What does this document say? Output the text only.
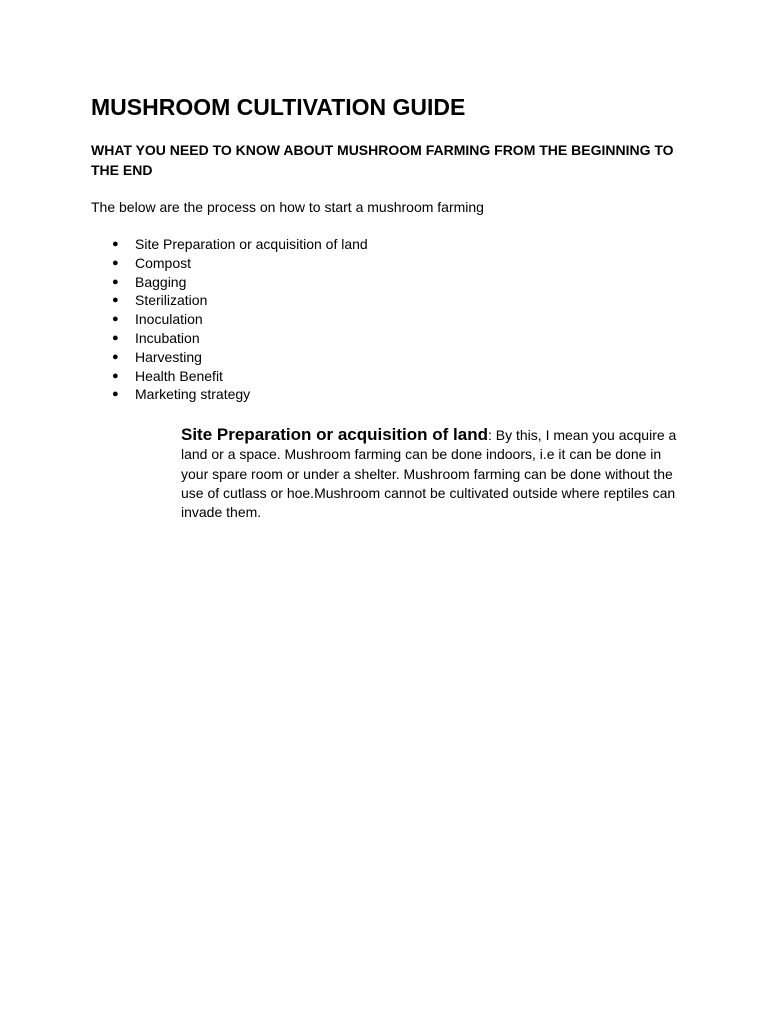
MUSHROOM CULTIVATION GUIDE

WHAT YOU NEED TO KNOW ABOUT MUSHROOM FARMING FROM THE BEGINNING TO THE END

The below are the process on how to start a mushroom farming

● Site Preparation or acquisition of land
● Compost
● Bagging
● Sterilization
● Inoculation
● Incubation
● Harvesting
● Health Benefit
● Marketing strategy

Site Preparation or acquisition of land: By this, I mean you acquire a land or a space. Mushroom farming can be done indoors, i.e it can be done in your spare room or under a shelter. Mushroom farming can be done without the use of cutlass or hoe.Mushroom cannot be cultivated outside where reptiles can invade them.
